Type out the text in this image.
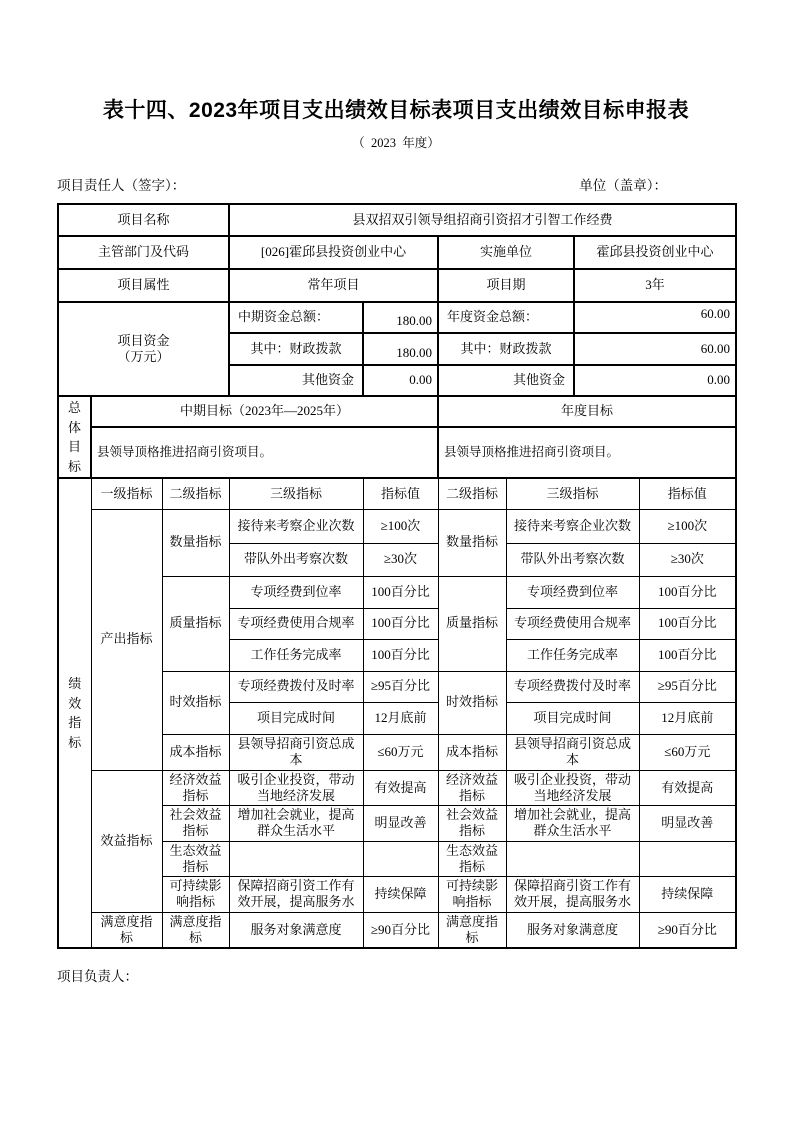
表十四、2023年项目支出绩效目标表项目支出绩效目标申报表
（  2023  年度）
项目责任人（签字）：	单位（盖章）：
项目名称			县双招双引领导组招商引资招才引智工作经费					
主管部门及代码			[026]霍邱县投资创业中心		实施单位		霍邱县投资创业中心	
项目属性			常年项目		项目期		3年	

项目资金
（万元）			中期资金总额：	180.00	年度资金总额：		60.00	
			其中：财政拨款	180.00	其中：财政拨款		60.00	
			其他资金	0.00	其他资金		0.00	

总体目标	中期目标（2023年—2025年）				年度目标			
	县领导顶格推进招商引资项目。				县领导顶格推进招商引资项目。			

绩效指标	一级指标	二级指标	三级指标	指标值	二级指标	三级指标		指标值
	产出指标	数量指标	接待来考察企业次数	≥100次	数量指标	接待来考察企业次数		≥100次
			带队外出考察次数	≥30次		带队外出考察次数		≥30次
		质量指标	专项经费到位率	100百分比	质量指标	专项经费到位率		100百分比
			专项经费使用合规率	100百分比		专项经费使用合规率		100百分比
			工作任务完成率	100百分比		工作任务完成率		100百分比
		时效指标	专项经费拨付及时率	≥95百分比	时效指标	专项经费拨付及时率		≥95百分比
			项目完成时间	12月底前		项目完成时间		12月底前
		成本指标	县领导招商引资总成本	≤60万元	成本指标	县领导招商引资总成本		≤60万元
	效益指标	经济效益指标	吸引企业投资，带动当地经济发展	有效提高	经济效益指标	吸引企业投资，带动当地经济发展		有效提高
		社会效益指标	增加社会就业，提高群众生活水平	明显改善	社会效益指标	增加社会就业，提高群众生活水平		明显改善
		生态效益指标			生态效益指标			
		可持续影响指标	保障招商引资工作有效开展，提高服务水	持续保障	可持续影响指标	保障招商引资工作有效开展，提高服务水		持续保障
	满意度指标	满意度指标	服务对象满意度	≥90百分比	满意度指标	服务对象满意度		≥90百分比
项目负责人：
